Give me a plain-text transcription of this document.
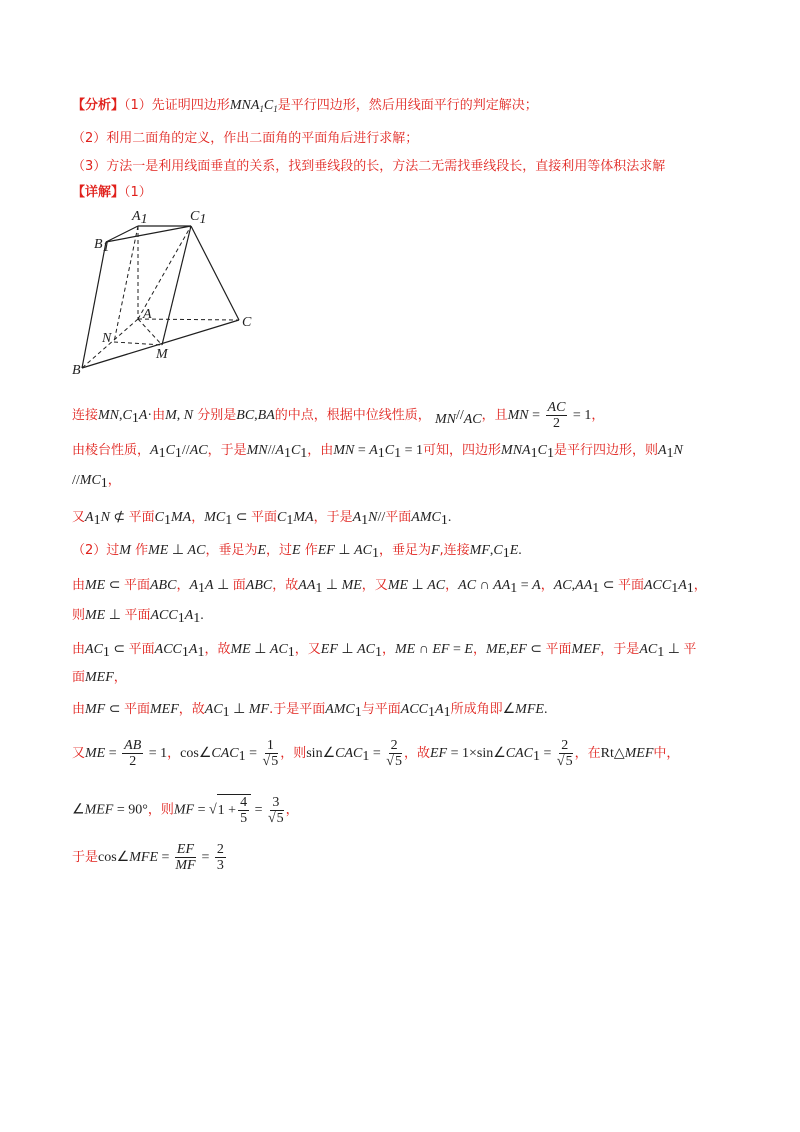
【分析】（1）先证明四边形$MNA_1C_1$是平行四边形，然后用线面平行的判定解决；
（2）利用二面角的定义，作出二面角的平面角后进行求解；
（3）方法一是利用线面垂直的关系，找到垂线段的长，方法二无需找垂线段长，直接利用等体积法求解
【详解】（1）
A1	C1
B1
A
C
N
M
B
连接$MN,C_1A\cdot$由M, N 分别是BC,BA的中点，根据中位线性质， MN//AC，且MN = $\frac{AC}{2} = 1$，
由棱台性质，$A_1C_1//AC$，于是$MN//A_1C_1$，由MN = $A_1C_1 = 1$可知，四边形$MNA_1C_1$是平行四边形，则$A_1N$
$//MC_1$，
又$A_1N$ ⊄ 平面$C_1MA$，$MC_1$ ⊂ 平面$C_1MA$，于是$A_1N//$平面$AMC_1$.
（2）过M 作ME ⊥ AC，垂足为E，过E 作EF ⊥ $AC_1$，垂足为F,连接$MF,C_1E$.
由ME ⊂ 平面ABC，$A_1A$ ⊥ 面ABC，故$AA_1$ ⊥ ME，又ME ⊥ AC，AC ∩ $AA_1 = A$，$AC,AA_1$ ⊂ 平面$ACC_1A_1$，
则ME ⊥ 平面$ACC_1A_1$.
由$AC_1$ ⊂ 平面$ACC_1A_1$，故ME ⊥ $AC_1$，又EF ⊥ $AC_1$，ME ∩ EF = E，ME,EF ⊂ 平面MEF，于是$AC_1$ ⊥ 平
面MEF，
由MF ⊂ 平面MEF，故$AC_1$ ⊥ MF.于是平面$AMC_1$与平面$ACC_1A_1$所成角即∠MFE.
又ME = $\frac{AB}{2} = 1$，$\cos\angle CAC_1 = \frac{1}{√5}$ ，则$\sin\angle CAC_1 = \frac{2}{√5}$ ，故EF = $1\times\sin\angle CAC_1 = \frac{2}{√5}$ ，在Rt△MEF中，
∠MEF = 90°，则MF = $√1 + \frac{4}{5} = \frac{3}{√5}$ ，
于是cos∠MFE = $\frac{EF}{MF} = \frac{2}{3}$
